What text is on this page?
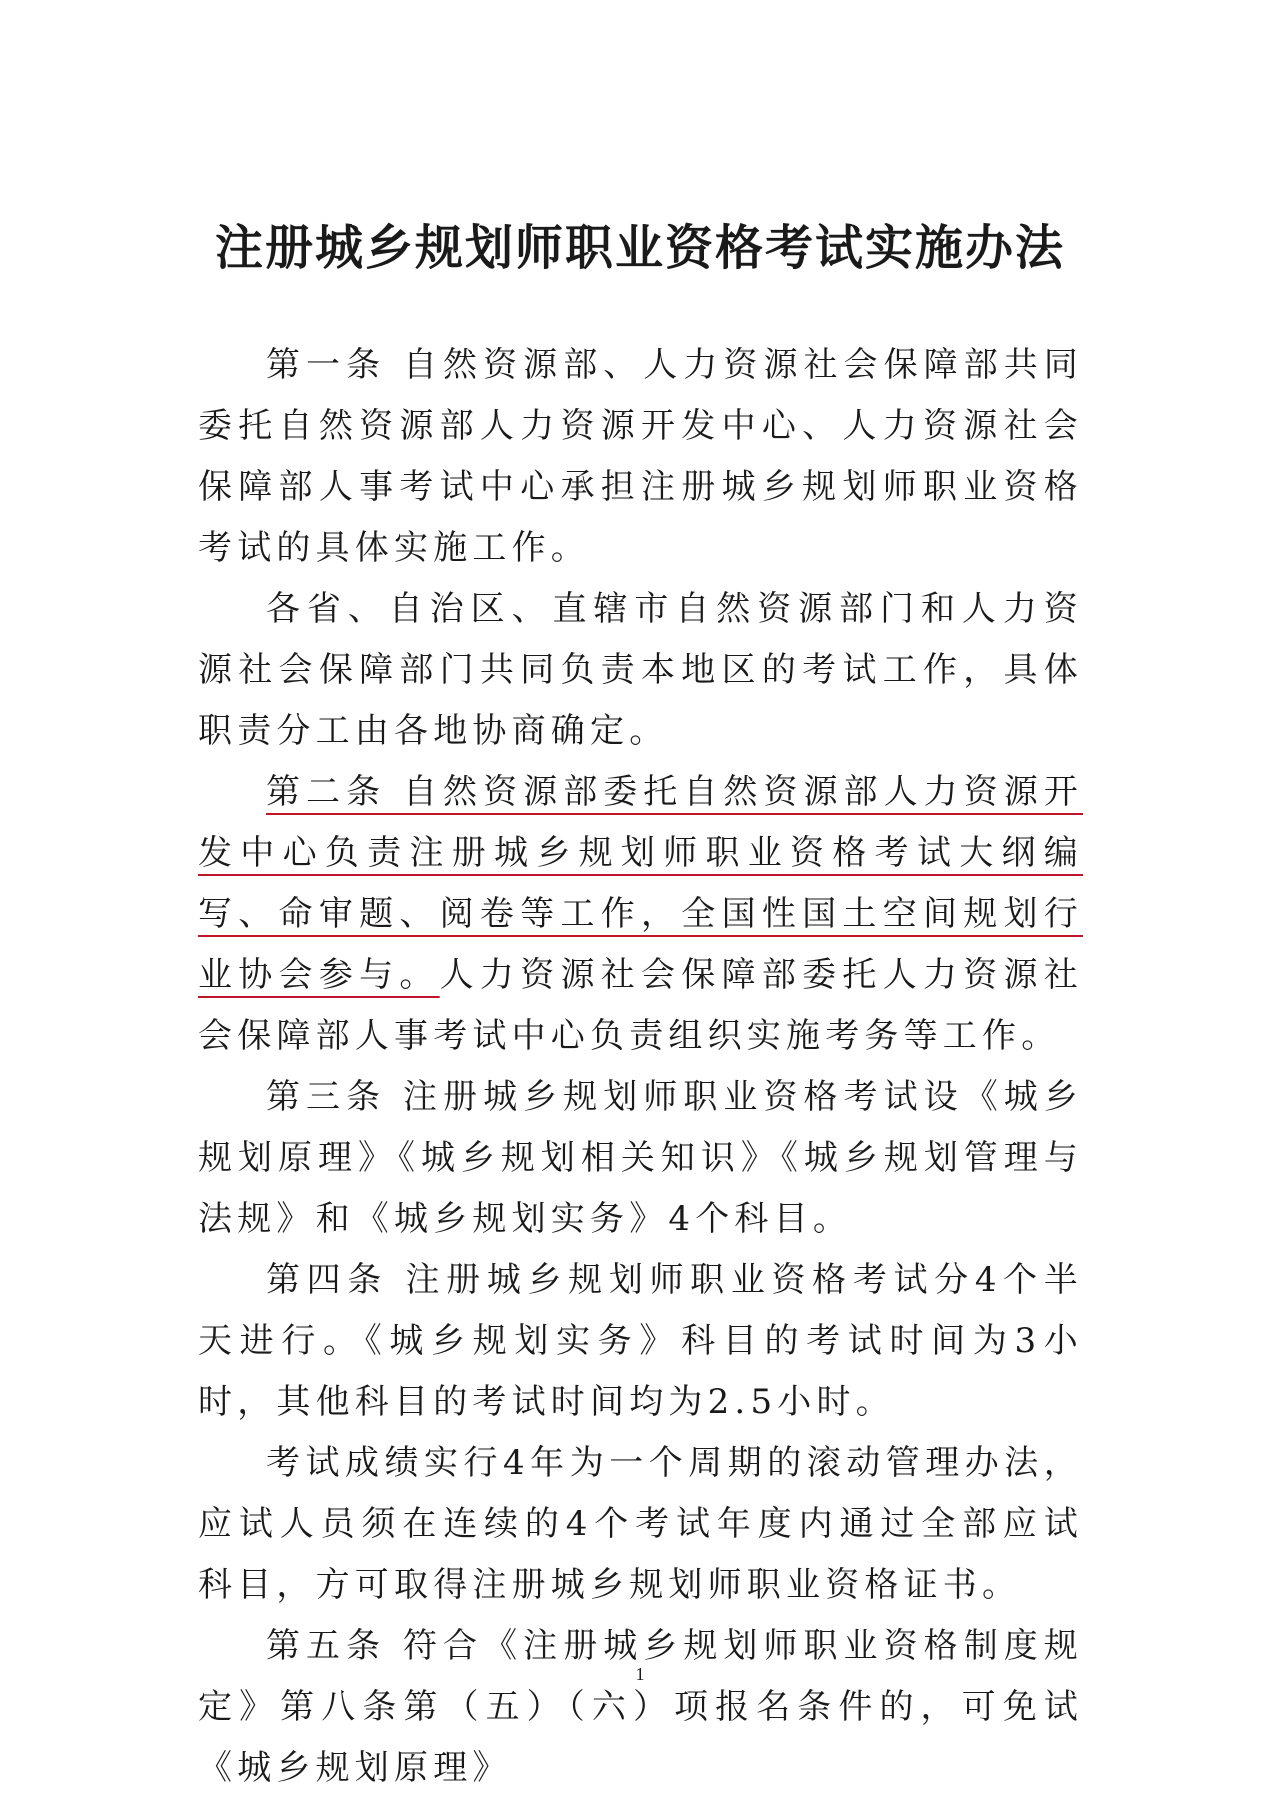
注册城乡规划师职业资格考试实施办法

第一条 自然资源部、人力资源社会保障部共同委托自然资源部人力资源开发中心、人力资源社会保障部人事考试中心承担注册城乡规划师职业资格考试的具体实施工作。

各省、自治区、直辖市自然资源部门和人力资源社会保障部门共同负责本地区的考试工作，具体职责分工由各地协商确定。

第二条 自然资源部委托自然资源部人力资源开发中心负责注册城乡规划师职业资格考试大纲编写、命审题、阅卷等工作，全国性国土空间规划行业协会参与。人力资源社会保障部委托人力资源社会保障部人事考试中心负责组织实施考务等工作。

第三条 注册城乡规划师职业资格考试设《城乡规划原理》《城乡规划相关知识》《城乡规划管理与法规》和《城乡规划实务》4个科目。

第四条 注册城乡规划师职业资格考试分4个半天进行。《城乡规划实务》科目的考试时间为3小时，其他科目的考试时间均为2.5小时。

考试成绩实行4年为一个周期的滚动管理办法，应试人员须在连续的4个考试年度内通过全部应试科目，方可取得注册城乡规划师职业资格证书。

第五条 符合《注册城乡规划师职业资格制度规定》第八条第（五）（六）项报名条件的，可免试《城乡规划原理》

1
